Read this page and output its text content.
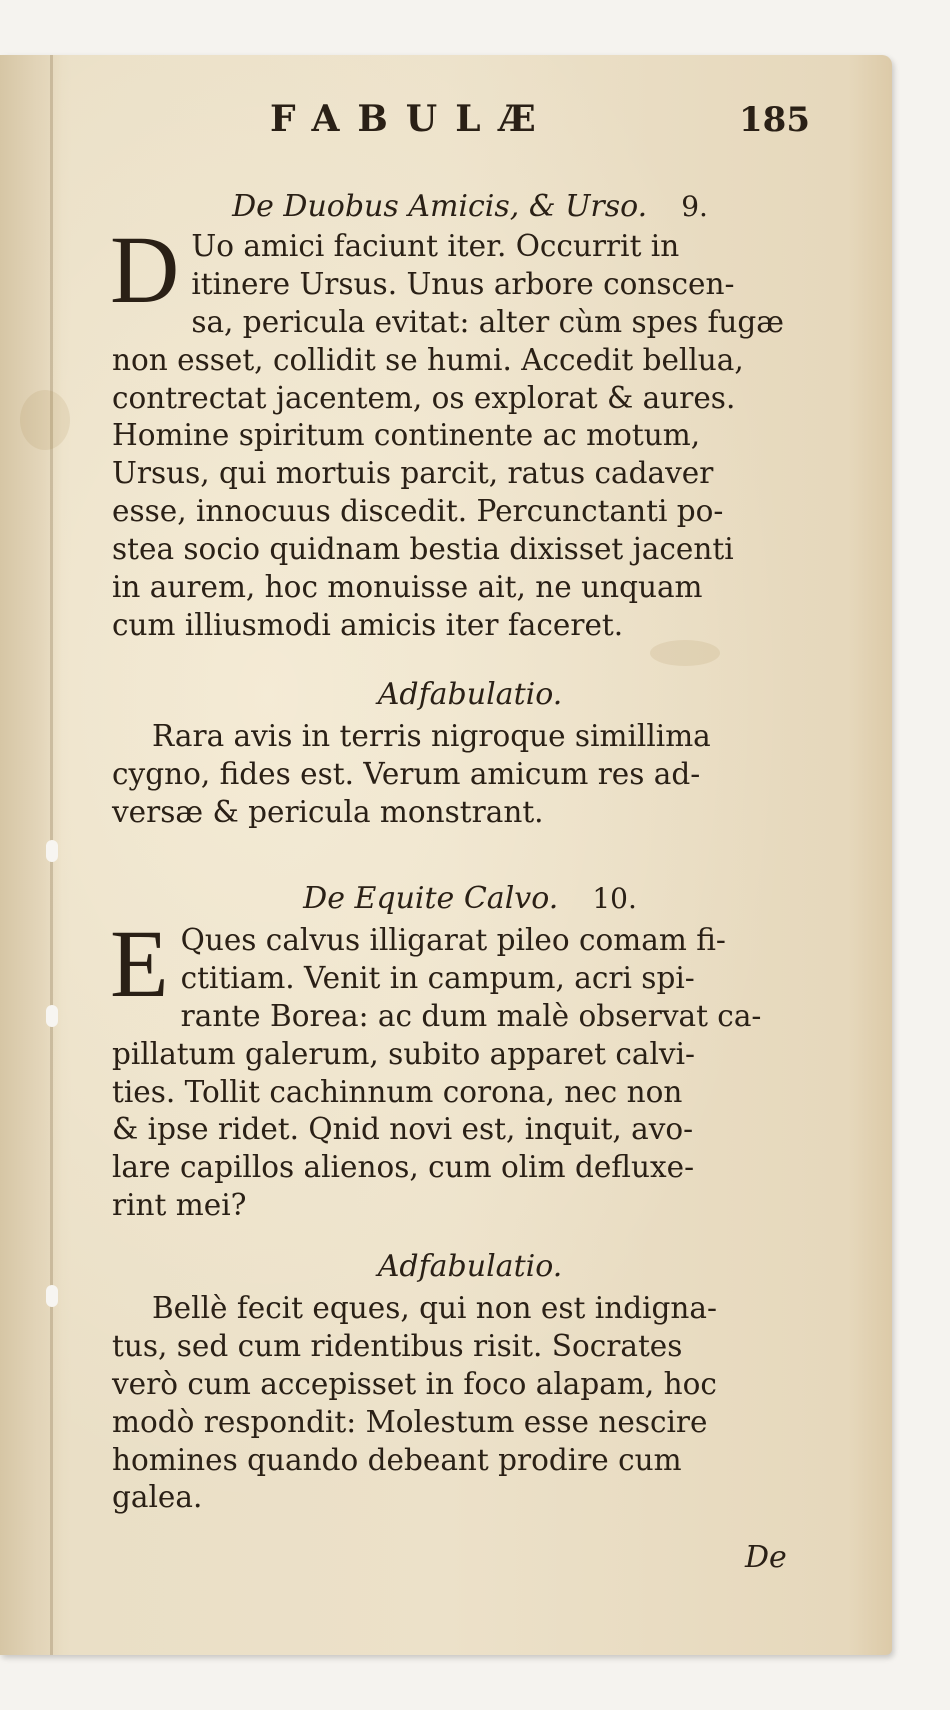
FABULÆ	185
De Duobus Amicis, & Urso. 9.
D Uo amici faciunt iter. Occurrit in
itinere Ursus. Unus arbore conscen-
sa, pericula evitat: alter cùm spes fugæ
non esset, collidit se humi. Accedit bellua,
contrectat jacentem, os explorat & aures.
Homine spiritum continente ac motum,
Ursus, qui mortuis parcit, ratus cadaver
esse, innocuus discedit. Percunctanti po-
stea socio quidnam bestia dixisset jacenti
in aurem, hoc monuisse ait, ne unquam
cum illiusmodi amicis iter faceret.
Adfabulatio.
Rara avis in terris nigroque simillima
cygno, fides est. Verum amicum res ad-
versæ & pericula monstrant.
De Equite Calvo. 10.
E Ques calvus illigarat pileo comam fi-
ctitiam. Venit in campum, acri spi-
rante Borea: ac dum malè observat ca-
pillatum galerum, subito apparet calvi-
ties. Tollit cachinnum corona, nec non
& ipse ridet. Qnid novi est, inquit, avo-
lare capillos alienos, cum olim defluxe-
rint mei?
Adfabulatio.
Bellè fecit eques, qui non est indigna-
tus, sed cum ridentibus risit. Socrates
verò cum accepisset in foco alapam, hoc
modò respondit: Molestum esse nescire
homines quando debeant prodire cum
galea.
De
